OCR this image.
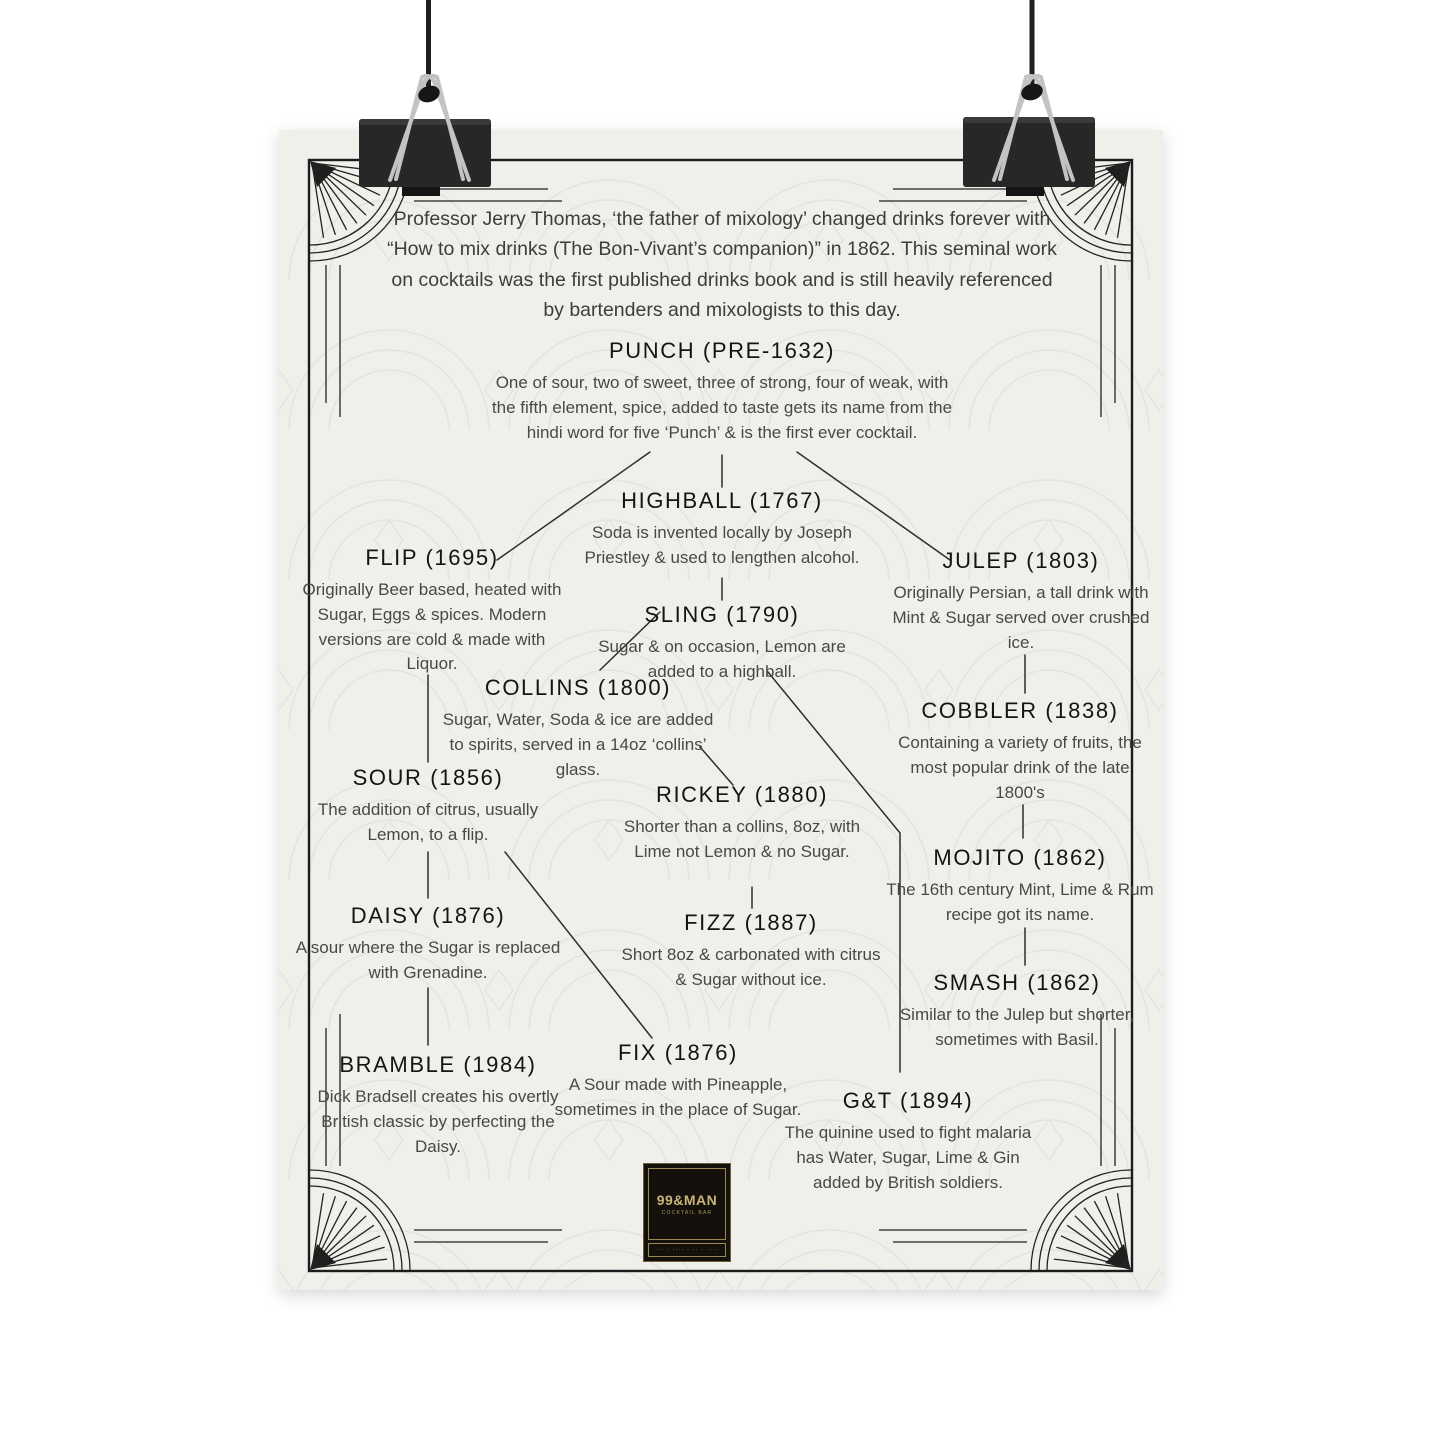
Professor Jerry Thomas, ‘the father of mixology’ changed drinks forever with “How to mix drinks (The Bon-Vivant’s companion)” in 1862. This seminal work on cocktails was the first published drinks book and is still heavily referenced by bartenders and mixologists to this day.
PUNCH (PRE-1632)

One of sour, two of sweet, three of strong, four of weak, with the fifth element, spice, added to taste gets its name from the hindi word for five ‘Punch’ & is the first ever cocktail.

HIGHBALL (1767)

Soda is invented locally by Joseph Priestley & used to lengthen alcohol.

FLIP (1695)

Originally Beer based, heated with Sugar, Eggs & spices. Modern versions are cold & made with Liquor.

SLING (1790)

Sugar & on occasion, Lemon are added to a highball.

JULEP (1803)

Originally Persian, a tall drink with Mint & Sugar served over crushed ice.

COLLINS (1800)

Sugar, Water, Soda & ice are added to spirits, served in a 14oz ‘collins’ glass.

COBBLER (1838)

Containing a variety of fruits, the most popular drink of the late 1800's

SOUR (1856)

The addition of citrus, usually Lemon, to a flip.

RICKEY (1880)

Shorter than a collins, 8oz, with Lime not Lemon & no Sugar.	MOJITO (1862)

The 16th century Mint, Lime & Rum recipe got its name.

DAISY (1876)

A sour where the Sugar is replaced with Grenadine.

FIZZ (1887)

Short 8oz & carbonated with citrus & Sugar without ice.	SMASH (1862)

Similar to the Julep but shorter, sometimes with Basil.

BRAMBLE (1984)

Dick Bradsell creates his overtly British classic by perfecting the Daisy.

FIX (1876)

A Sour made with Pineapple, sometimes in the place of Sugar.	G&T (1894)

The quinine used to fight malaria has Water, Sugar, Lime & Gin added by British soldiers.

99&MAN
COCKTAIL BAR
··· · ···· · ·· · ····
